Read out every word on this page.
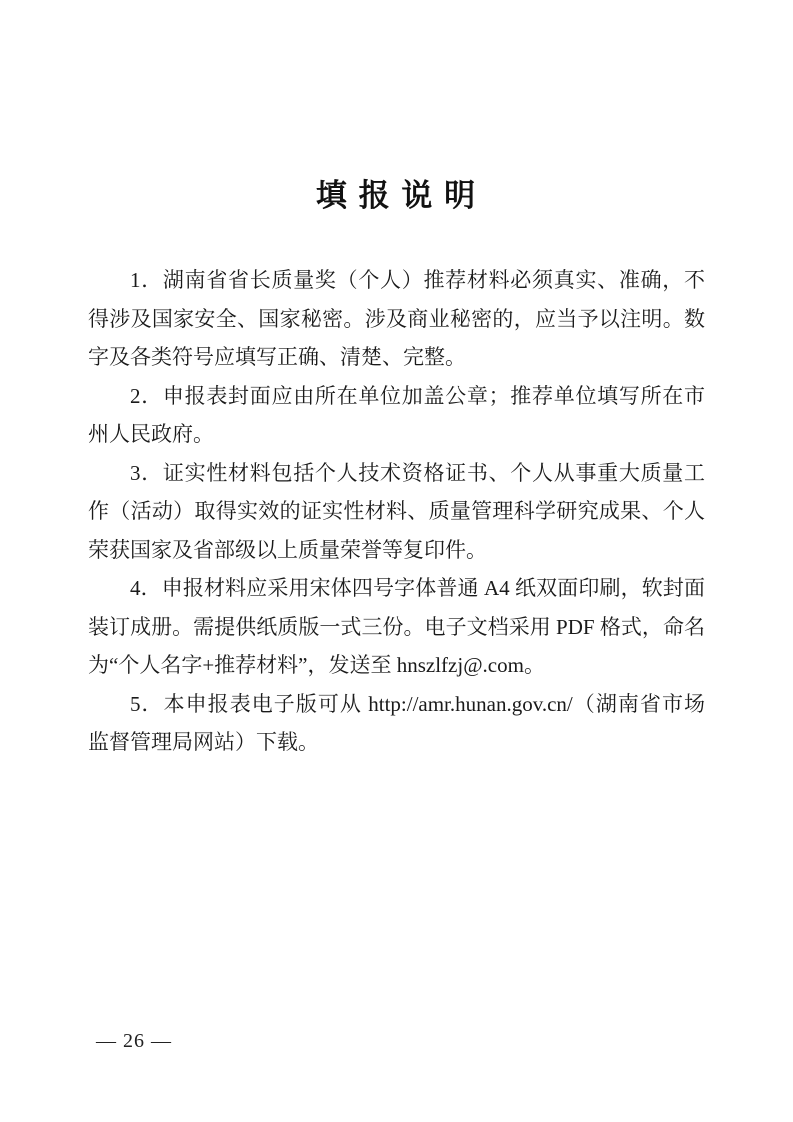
填 报 说 明

1．湖南省省长质量奖（个人）推荐材料必须真实、准确，不得涉及国家安全、国家秘密。涉及商业秘密的，应当予以注明。数字及各类符号应填写正确、清楚、完整。

2．申报表封面应由所在单位加盖公章；推荐单位填写所在市州人民政府。

3．证实性材料包括个人技术资格证书、个人从事重大质量工作（活动）取得实效的证实性材料、质量管理科学研究成果、个人荣获国家及省部级以上质量荣誉等复印件。

4．申报材料应采用宋体四号字体普通 A4 纸双面印刷，软封面装订成册。需提供纸质版一式三份。电子文档采用 PDF 格式，命名为“个人名字+推荐材料”，发送至 hnszlfzj@.com。

5．本申报表电子版可从 http://amr.hunan.gov.cn/（湖南省市场监督管理局网站）下载。

— 26 —
